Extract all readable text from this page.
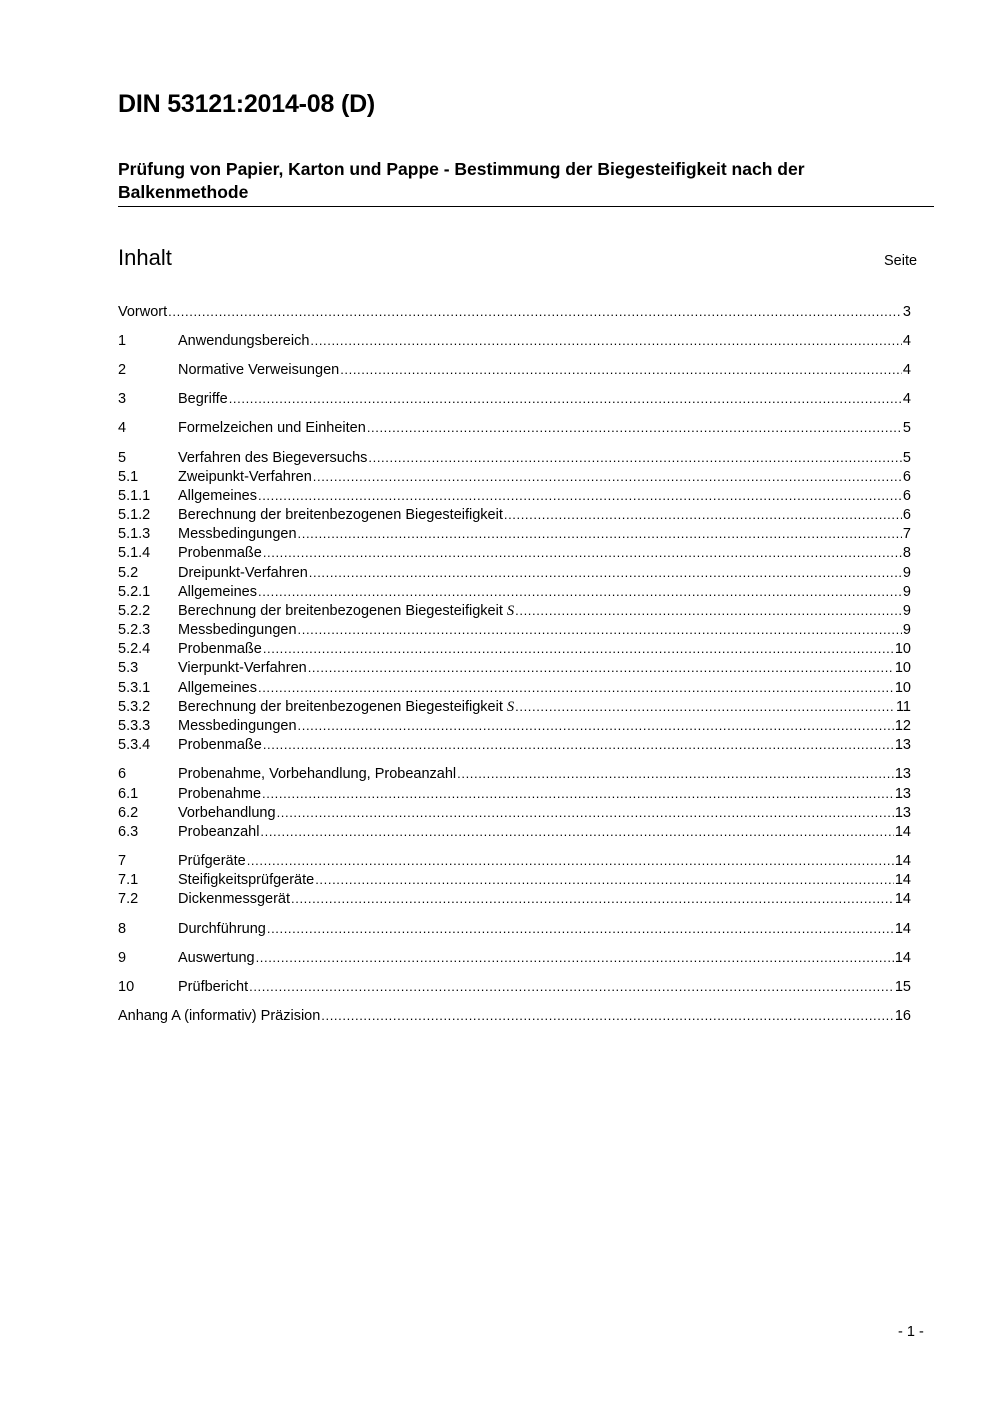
DIN 53121:2014-08 (D)
Prüfung von Papier, Karton und Pappe - Bestimmung der Biegesteifigkeit nach der Balkenmethode
Inhalt	Seite
Vorwort .....	3
1	Anwendungsbereich .....	4
2	Normative Verweisungen .....	4
3	Begriffe .....	4
4	Formelzeichen und Einheiten .....	5
5	Verfahren des Biegeversuchs .....	5
5.1	Zweipunkt-Verfahren .....	6
5.1.1	Allgemeines .....	6
5.1.2	Berechnung der breitenbezogenen Biegesteifigkeit .....	6
5.1.3	Messbedingungen .....	7
5.1.4	Probenmaße .....	8
5.2	Dreipunkt-Verfahren .....	9
5.2.1	Allgemeines .....	9
5.2.2	Berechnung der breitenbezogenen Biegesteifigkeit S .....	9
5.2.3	Messbedingungen .....	9
5.2.4	Probenmaße .....	10
5.3	Vierpunkt-Verfahren .....	10
5.3.1	Allgemeines .....	10
5.3.2	Berechnung der breitenbezogenen Biegesteifigkeit S .....	11
5.3.3	Messbedingungen .....	12
5.3.4	Probenmaße .....	13
6	Probenahme, Vorbehandlung, Probeanzahl .....	13
6.1	Probenahme .....	13
6.2	Vorbehandlung .....	13
6.3	Probeanzahl .....	14
7	Prüfgeräte .....	14
7.1	Steifigkeitsprüfgeräte .....	14
7.2	Dickenmessgerät .....	14
8	Durchführung .....	14
9	Auswertung .....	14
10	Prüfbericht .....	15
Anhang A (informativ) Präzision .....	16
- 1 -
